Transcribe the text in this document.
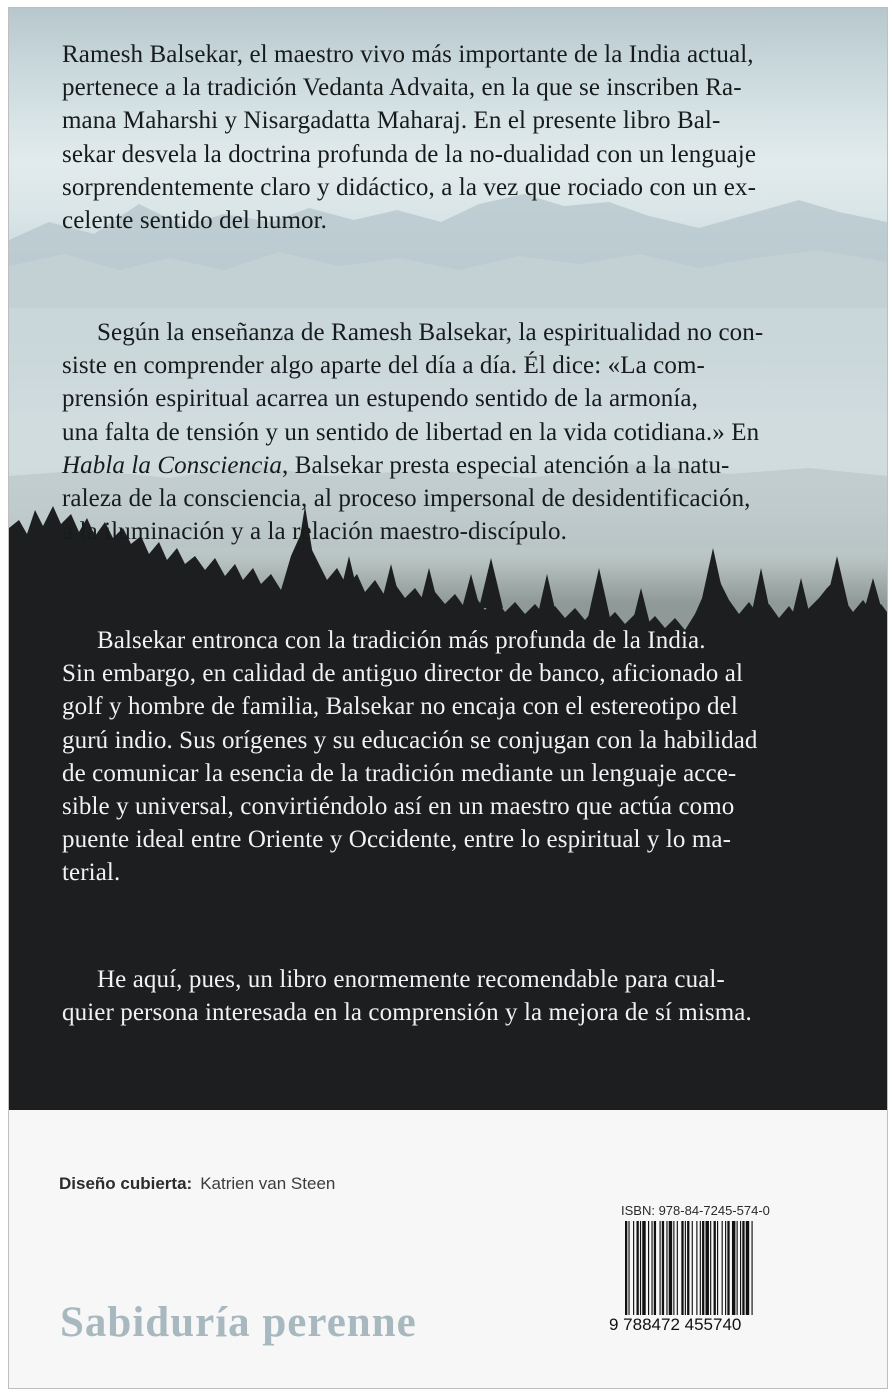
Ramesh Balsekar, el maestro vivo más importante de la India actual,
pertenece a la tradición Vedanta Advaita, en la que se inscriben Ra-
mana Maharshi y Nisargadatta Maharaj. En el presente libro Bal-
sekar desvela la doctrina profunda de la no-dualidad con un lenguaje
sorprendentemente claro y didáctico, a la vez que rociado con un ex-
celente sentido del humor.

Según la enseñanza de Ramesh Balsekar, la espiritualidad no con-
siste en comprender algo aparte del día a día. Él dice: «La com-
prensión espiritual acarrea un estupendo sentido de la armonía,
una falta de tensión y un sentido de libertad en la vida cotidiana.» En
Habla la Consciencia, Balsekar presta especial atención a la natu-
raleza de la consciencia, al proceso impersonal de desidentificación,
a la iluminación y a la relación maestro-discípulo.

Balsekar entronca con la tradición más profunda de la India.
Sin embargo, en calidad de antiguo director de banco, aficionado al
golf y hombre de familia, Balsekar no encaja con el estereotipo del
gurú indio. Sus orígenes y su educación se conjugan con la habilidad
de comunicar la esencia de la tradición mediante un lenguaje acce-
sible y universal, convirtiéndolo así en un maestro que actúa como
puente ideal entre Oriente y Occidente, entre lo espiritual y lo ma-
terial.

He aquí, pues, un libro enormemente recomendable para cual-
quier persona interesada en la comprensión y la mejora de sí misma.

Diseño cubierta: Katrien van Steen
Sabiduría perenne
ISBN: 978-84-7245-574-0
9 788472 455740
